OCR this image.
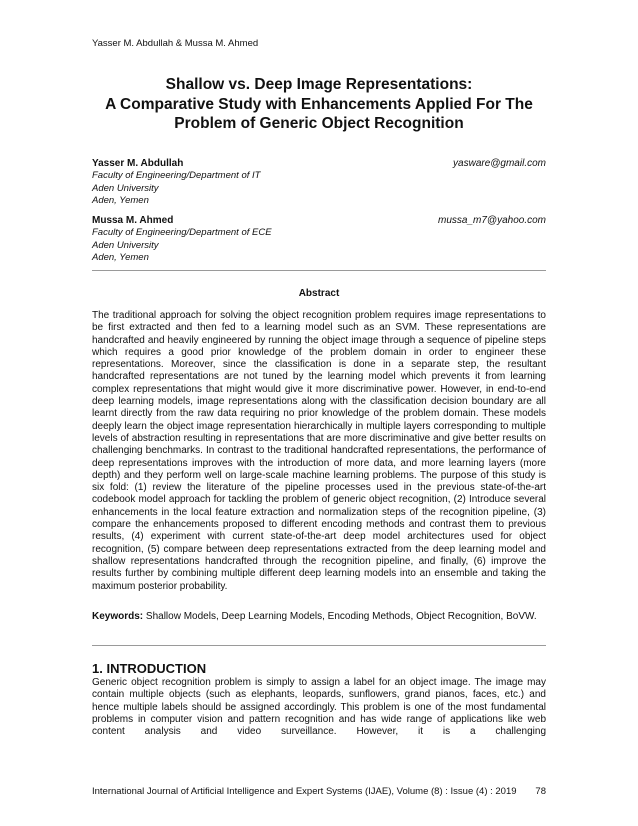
Yasser M. Abdullah & Mussa M. Ahmed
Shallow vs. Deep Image Representations:
A Comparative Study with Enhancements Applied For The
Problem of Generic Object Recognition
Yasser M. Abdullah	yasware@gmail.com
Faculty of Engineering/Department of IT
Aden University
Aden, Yemen
Mussa M. Ahmed	mussa_m7@yahoo.com
Faculty of Engineering/Department of ECE
Aden University
Aden, Yemen
Abstract
The traditional approach for solving the object recognition problem requires image representations to be first extracted and then fed to a learning model such as an SVM. These representations are handcrafted and heavily engineered by running the object image through a sequence of pipeline steps which requires a good prior knowledge of the problem domain in order to engineer these representations. Moreover, since the classification is done in a separate step, the resultant handcrafted representations are not tuned by the learning model which prevents it from learning complex representations that might would give it more discriminative power. However, in end-to-end deep learning models, image representations along with the classification decision boundary are all learnt directly from the raw data requiring no prior knowledge of the problem domain. These models deeply learn the object image representation hierarchically in multiple layers corresponding to multiple levels of abstraction resulting in representations that are more discriminative and give better results on challenging benchmarks. In contrast to the traditional handcrafted representations, the performance of deep representations improves with the introduction of more data, and more learning layers (more depth) and they perform well on large-scale machine learning problems. The purpose of this study is six fold: (1) review the literature of the pipeline processes used in the previous state-of-the-art codebook model approach for tackling the problem of generic object recognition, (2) Introduce several enhancements in the local feature extraction and normalization steps of the recognition pipeline, (3) compare the enhancements proposed to different encoding methods and contrast them to previous results, (4) experiment with current state-of-the-art deep model architectures used for object recognition, (5) compare between deep representations extracted from the deep learning model and shallow representations handcrafted through the recognition pipeline, and finally, (6) improve the results further by combining multiple different deep learning models into an ensemble and taking the maximum posterior probability.
Keywords: Shallow Models, Deep Learning Models, Encoding Methods, Object Recognition, BoVW.
1. INTRODUCTION
Generic object recognition problem is simply to assign a label for an object image. The image may contain multiple objects (such as elephants, leopards, sunflowers, grand pianos, faces, etc.) and hence multiple labels should be assigned accordingly. This problem is one of the most fundamental problems in computer vision and pattern recognition and has wide range of applications like web content analysis and video surveillance. However, it is a challenging
International Journal of Artificial Intelligence and Expert Systems (IJAE), Volume (8) : Issue (4) : 2019 78
